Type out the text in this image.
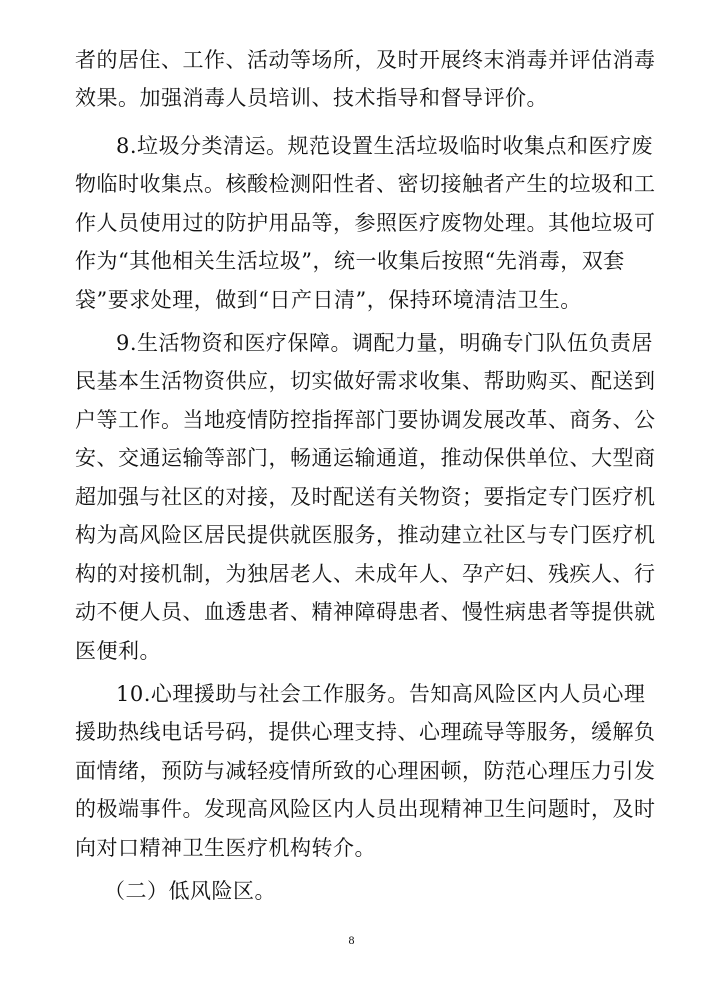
者的居住、工作、活动等场所，及时开展终末消毒并评估消毒
效果。加强消毒人员培训、技术指导和督导评价。
8.垃圾分类清运。规范设置生活垃圾临时收集点和医疗废
物临时收集点。核酸检测阳性者、密切接触者产生的垃圾和工
作人员使用过的防护用品等，参照医疗废物处理。其他垃圾可
作为“其他相关生活垃圾”，统一收集后按照“先消毒，双套
袋”要求处理，做到“日产日清”，保持环境清洁卫生。
9.生活物资和医疗保障。调配力量，明确专门队伍负责居
民基本生活物资供应，切实做好需求收集、帮助购买、配送到
户等工作。当地疫情防控指挥部门要协调发展改革、商务、公
安、交通运输等部门，畅通运输通道，推动保供单位、大型商
超加强与社区的对接，及时配送有关物资；要指定专门医疗机
构为高风险区居民提供就医服务，推动建立社区与专门医疗机
构的对接机制，为独居老人、未成年人、孕产妇、残疾人、行
动不便人员、血透患者、精神障碍患者、慢性病患者等提供就
医便利。
10.心理援助与社会工作服务。告知高风险区内人员心理
援助热线电话号码，提供心理支持、心理疏导等服务，缓解负
面情绪，预防与减轻疫情所致的心理困顿，防范心理压力引发
的极端事件。发现高风险区内人员出现精神卫生问题时，及时
向对口精神卫生医疗机构转介。
（二）低风险区。
8
